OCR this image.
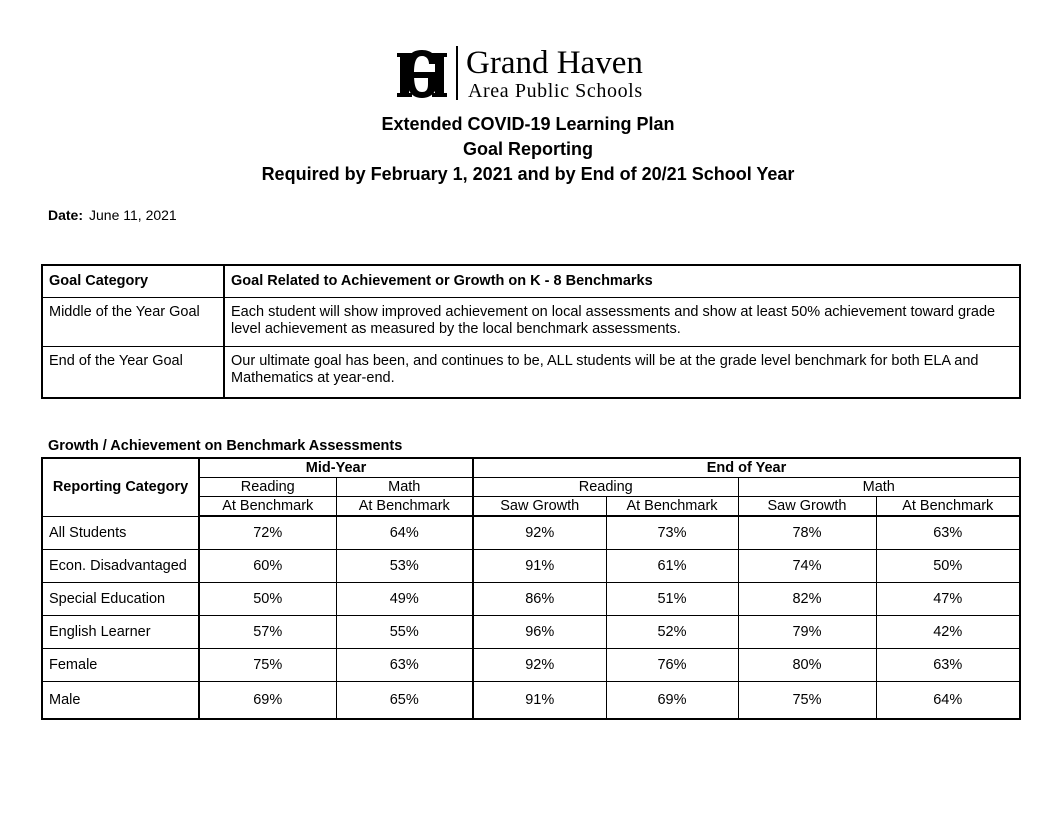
Grand Haven
Area Public Schools
Extended COVID-19 Learning Plan
Goal Reporting
Required by February 1, 2021 and by End of 20/21 School Year
Date: June 11, 2021
Goal Category	Goal Related to Achievement or Growth on K - 8 Benchmarks
Middle of the Year Goal	Each student will show improved achievement on local assessments and show at least 50% achievement toward grade level achievement as measured by the local benchmark assessments.
End of the Year Goal	Our ultimate goal has been, and continues to be, ALL students will be at the grade level benchmark for both ELA and Mathematics at year-end.
Growth / Achievement on Benchmark Assessments
Reporting Category	Mid-Year		End of Year			
	Reading	Math	Reading		Math	
	At Benchmark	At Benchmark	Saw Growth	At Benchmark	Saw Growth	At Benchmark
All Students	72%	64%	92%	73%	78%	63%
Econ. Disadvantaged	60%	53%	91%	61%	74%	50%
Special Education	50%	49%	86%	51%	82%	47%
English Learner	57%	55%	96%	52%	79%	42%
Female	75%	63%	92%	76%	80%	63%
Male	69%	65%	91%	69%	75%	64%
